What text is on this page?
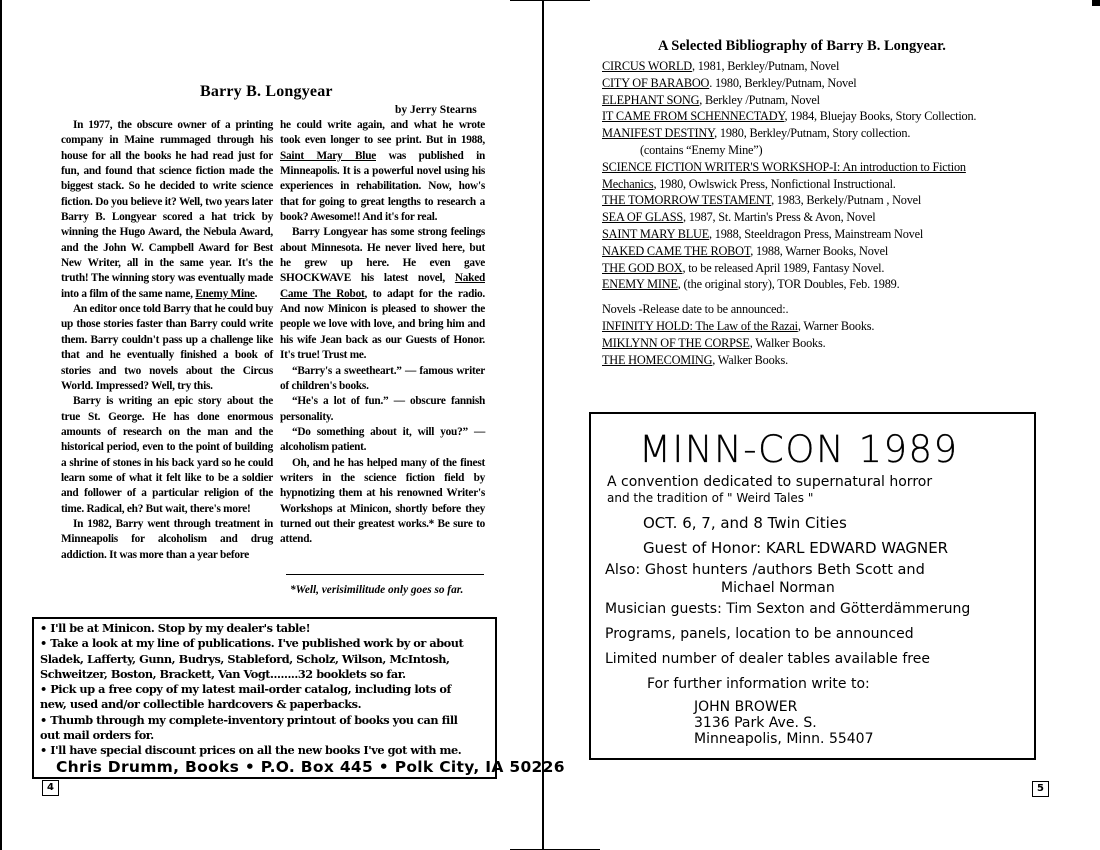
Barry B. Longyear
by Jerry Stearns

In 1977, the obscure owner of a printing company in Maine rummaged through his house for all the books he had read just for fun, and found that science fiction made the biggest stack. So he decided to write science fiction. Do you believe it? Well, two years later Barry B. Longyear scored a hat trick by winning the Hugo Award, the Nebula Award, and the John W. Campbell Award for Best New Writer, all in the same year. It's the truth! The winning story was eventually made into a film of the same name, Enemy Mine.

An editor once told Barry that he could buy up those stories faster than Barry could write them. Barry couldn't pass up a challenge like that and he eventually finished a book of stories and two novels about the Circus World. Impressed? Well, try this.

Barry is writing an epic story about the true St. George. He has done enormous amounts of research on the man and the historical period, even to the point of building a shrine of stones in his back yard so he could learn some of what it felt like to be a soldier and follower of a particular religion of the time. Radical, eh? But wait, there's more!

In 1982, Barry went through treatment in Minneapolis for alcoholism and drug addiction. It was more than a year before

he could write again, and what he wrote took even longer to see print. But in 1988, Saint Mary Blue was published in Minneapolis. It is a powerful novel using his experiences in rehabilitation. Now, how's that for going to great lengths to research a book? Awesome!! And it's for real.

Barry Longyear has some strong feelings about Minnesota. He never lived here, but he grew up here. He even gave SHOCKWAVE his latest novel, Naked Came The Robot, to adapt for the radio. And now Minicon is pleased to shower the people we love with love, and bring him and his wife Jean back as our Guests of Honor. It's true! Trust me.

“Barry's a sweetheart.” — famous writer of children's books.

“He's a lot of fun.” — obscure fannish personality.

“Do something about it, will you?” — alcoholism patient.

Oh, and he has helped many of the finest writers in the science fiction field by hypnotizing them at his renowned Writer's Workshops at Minicon, shortly before they turned out their greatest works.* Be sure to attend.

*Well, verisimilitude only goes so far.
• I'll be at Minicon. Stop by my dealer's table!
• Take a look at my line of publications. I've published work by or about
Sladek, Lafferty, Gunn, Budrys, Stableford, Scholz, Wilson, McIntosh,
Schweitzer, Boston, Brackett, Van Vogt........32 booklets so far.
• Pick up a free copy of my latest mail-order catalog, including lots of
new, used and/or collectible hardcovers & paperbacks.
• Thumb through my complete-inventory printout of books you can fill
out mail orders for.
• I'll have special discount prices on all the new books I've got with me.
Chris Drumm, Books • P.O. Box 445 • Polk City, IA 50226
4
A Selected Bibliography of Barry B. Longyear.
CIRCUS WORLD, 1981, Berkley/Putnam, Novel
CITY OF BARABOO. 1980, Berkley/Putnam, Novel
ELEPHANT SONG, Berkley /Putnam, Novel
IT CAME FROM SCHENNECTADY, 1984, Bluejay Books, Story Collection.
MANIFEST DESTINY, 1980, Berkley/Putnam, Story collection.
(contains “Enemy Mine”)
SCIENCE FICTION WRITER'S WORKSHOP-I: An introduction to Fiction
Mechanics, 1980, Owlswick Press, Nonfictional Instructional.
THE TOMORROW TESTAMENT, 1983, Berkely/Putnam , Novel
SEA OF GLASS, 1987, St. Martin's Press & Avon, Novel
SAINT MARY BLUE, 1988, Steeldragon Press, Mainstream Novel
NAKED CAME THE ROBOT, 1988, Warner Books, Novel
THE GOD BOX, to be released April 1989, Fantasy Novel.
ENEMY MINE, (the original story), TOR Doubles, Feb. 1989.
Novels -Release date to be announced:.
INFINITY HOLD: The Law of the Razai, Warner Books.
MIKLYNN OF THE CORPSE, Walker Books.
THE HOMECOMING, Walker Books.
MINN-CON 1989
A convention dedicated to supernatural horror
and the tradition of " Weird Tales "
OCT. 6, 7, and 8 Twin Cities
Guest of Honor: KARL EDWARD WAGNER
Also: Ghost hunters /authors Beth Scott and
Michael Norman
Musician guests: Tim Sexton and Götterdämmerung
Programs, panels, location to be announced
Limited number of dealer tables available free
For further information write to:
JOHN BROWER
3136 Park Ave. S.
Minneapolis, Minn. 55407
5
